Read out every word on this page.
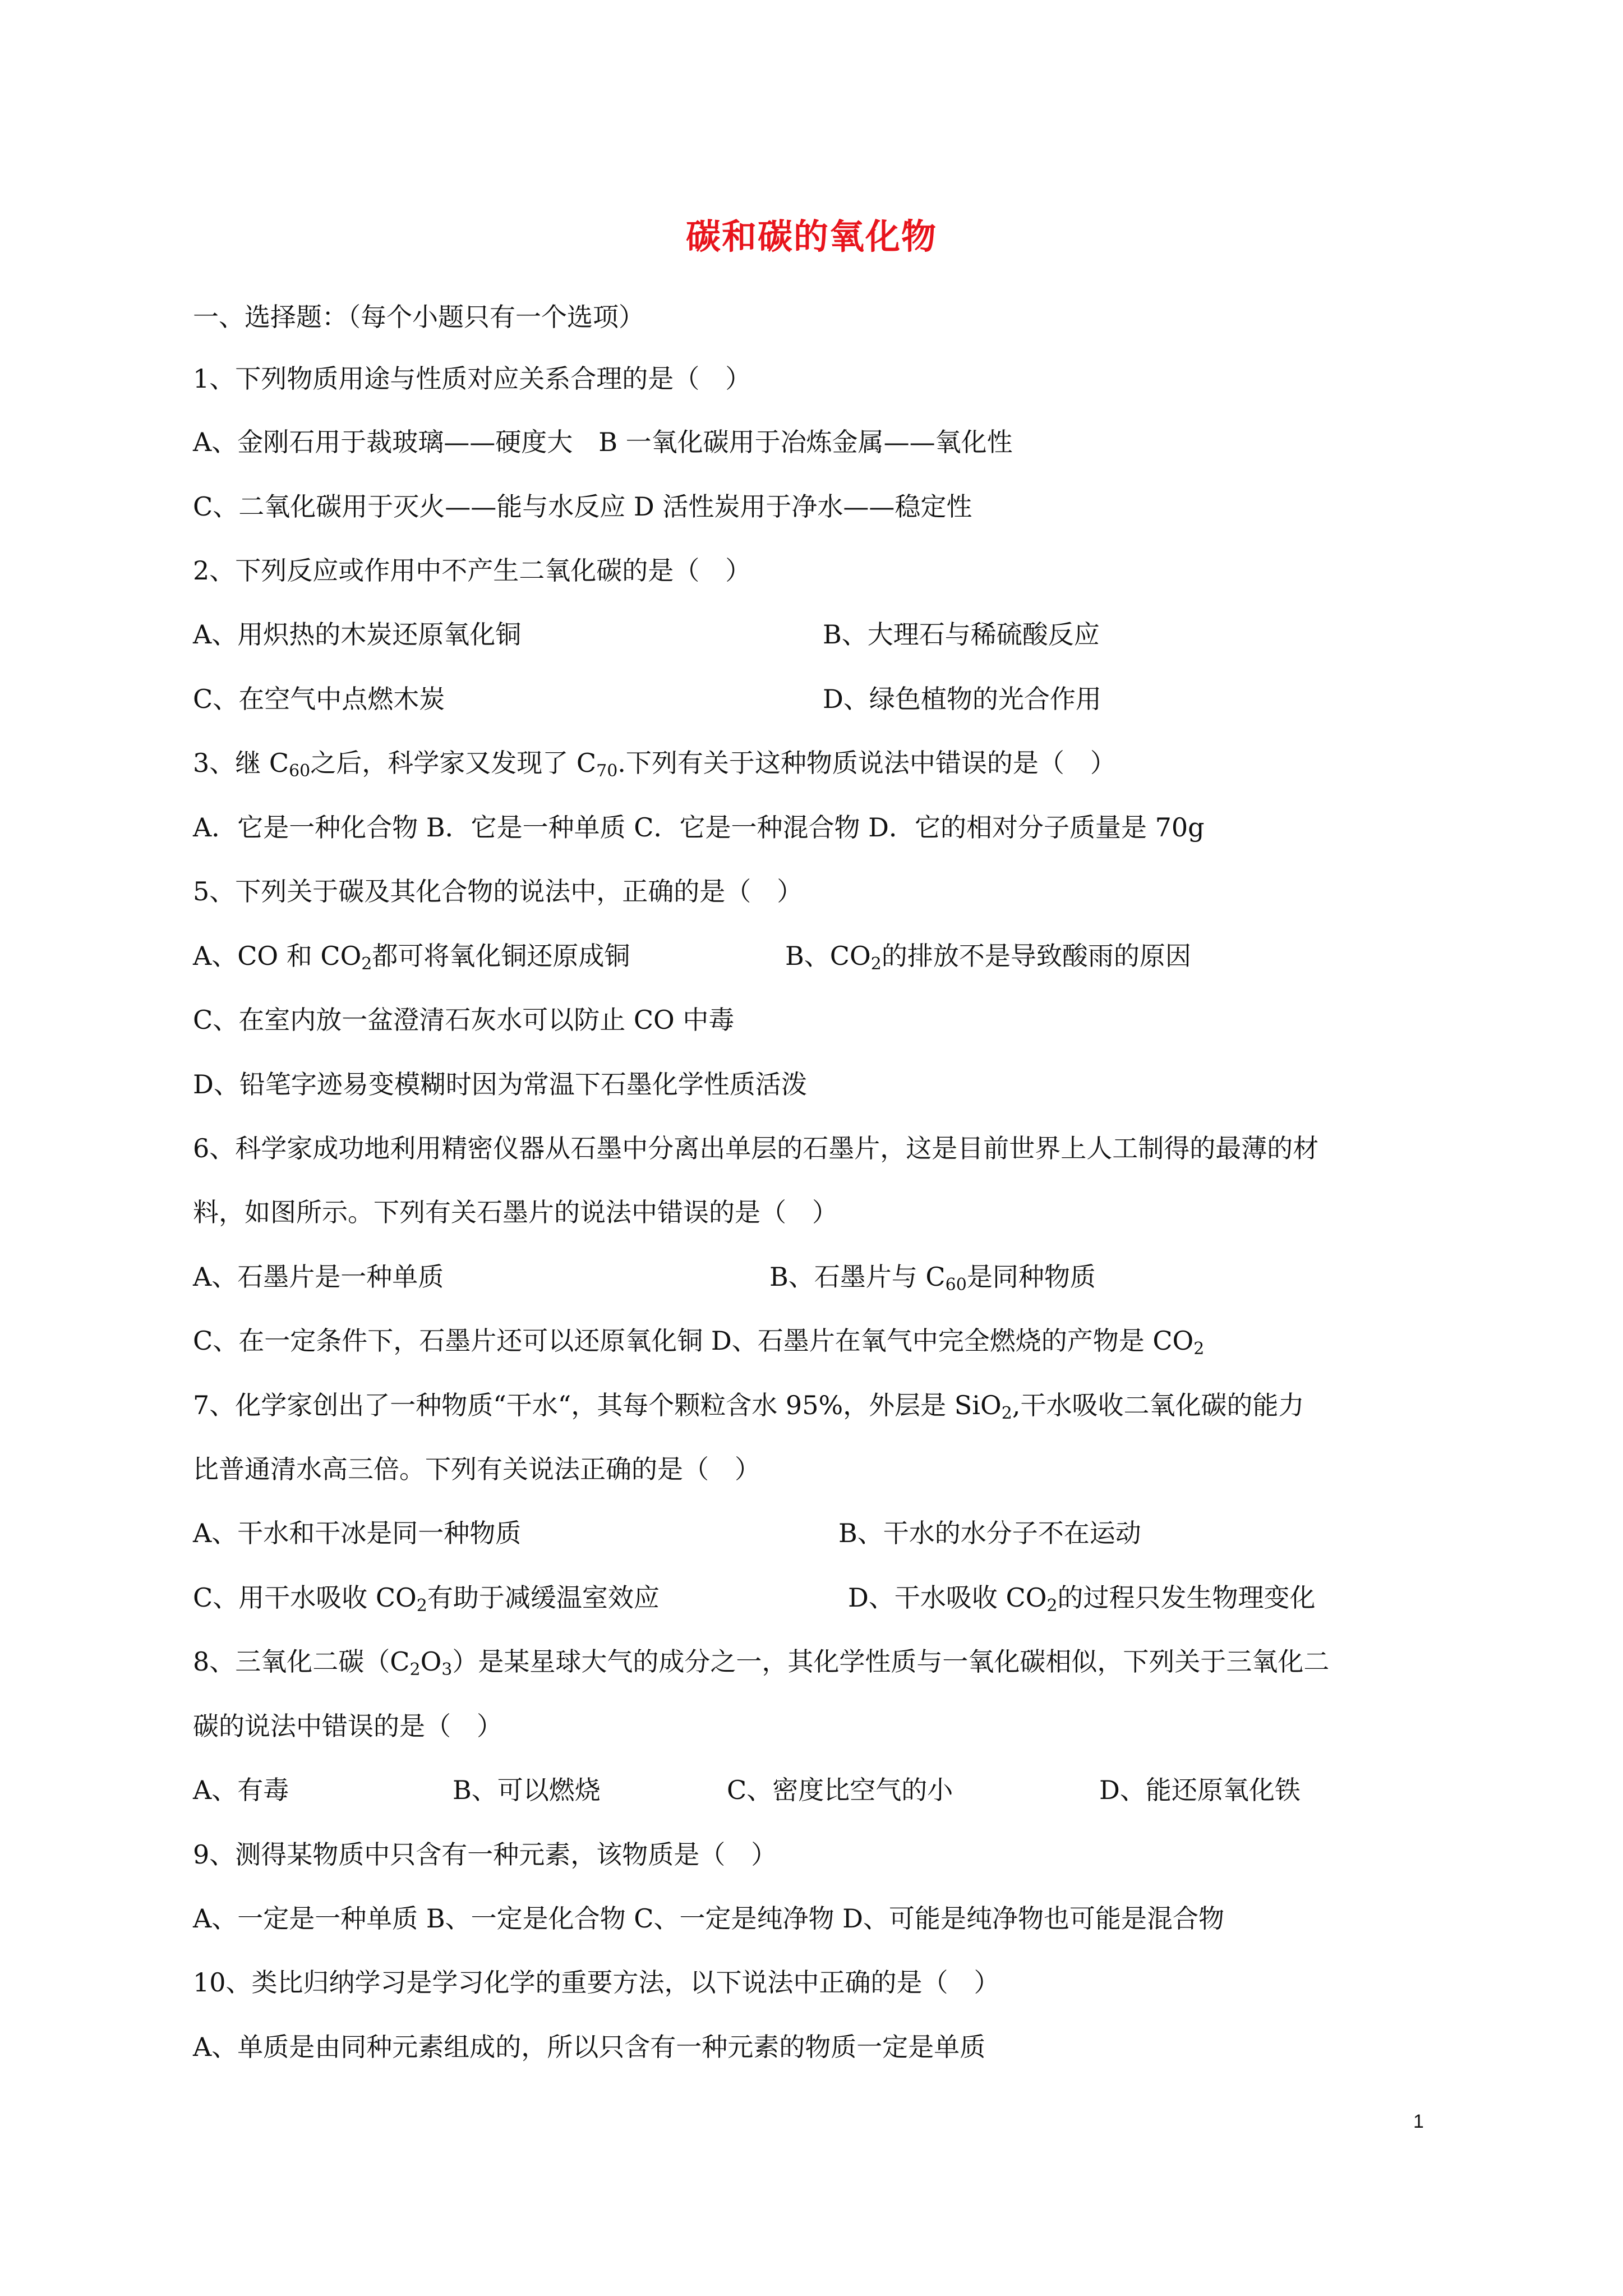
碳和碳的氧化物
一、选择题：（每个小题只有一个选项）
1、下列物质用途与性质对应关系合理的是（　）
A、金刚石用于裁玻璃——硬度大　B 一氧化碳用于冶炼金属——氧化性
C、二氧化碳用于灭火——能与水反应 D 活性炭用于净水——稳定性
2、下列反应或作用中不产生二氧化碳的是（　）
A、用炽热的木炭还原氧化铜	B、大理石与稀硫酸反应
C、在空气中点燃木炭	D、绿色植物的光合作用
3、继 $C_{60}$之后，科学家又发现了 $C_{70}$.下列有关于这种物质说法中错误的是（　）
A．它是一种化合物 B．它是一种单质 C．它是一种混合物 D．它的相对分子质量是 70g
5、下列关于碳及其化合物的说法中，正确的是（　）
A、CO 和 $CO_2$都可将氧化铜还原成铜	B、$CO_2$的排放不是导致酸雨的原因
C、在室内放一盆澄清石灰水可以防止 CO 中毒
D、铅笔字迹易变模糊时因为常温下石墨化学性质活泼
6、科学家成功地利用精密仪器从石墨中分离出单层的石墨片，这是目前世界上人工制得的最薄的材
料，如图所示。下列有关石墨片的说法中错误的是（　）
A、石墨片是一种单质	B、石墨片与 $C_{60}$是同种物质
C、在一定条件下，石墨片还可以还原氧化铜 D、石墨片在氧气中完全燃烧的产物是 $CO_2$
7、化学家创出了一种物质“干水“，其每个颗粒含水 95%，外层是 SiO$_2$,干水吸收二氧化碳的能力
比普通清水高三倍。下列有关说法正确的是（　）
A、干水和干冰是同一种物质	B、干水的水分子不在运动
C、用干水吸收 $CO_2$有助于减缓温室效应	D、干水吸收 $CO_2$的过程只发生物理变化
8、三氧化二碳$(C_2O_3)$是某星球大气的成分之一，其化学性质与一氧化碳相似，下列关于三氧化二
碳的说法中错误的是（　）
A、有毒	B、可以燃烧	C、密度比空气的小	D、能还原氧化铁
9、测得某物质中只含有一种元素，该物质是（　）
A、一定是一种单质 B、一定是化合物 C、一定是纯净物 D、可能是纯净物也可能是混合物
10、类比归纳学习是学习化学的重要方法，以下说法中正确的是（　）
A、单质是由同种元素组成的，所以只含有一种元素的物质一定是单质
1
